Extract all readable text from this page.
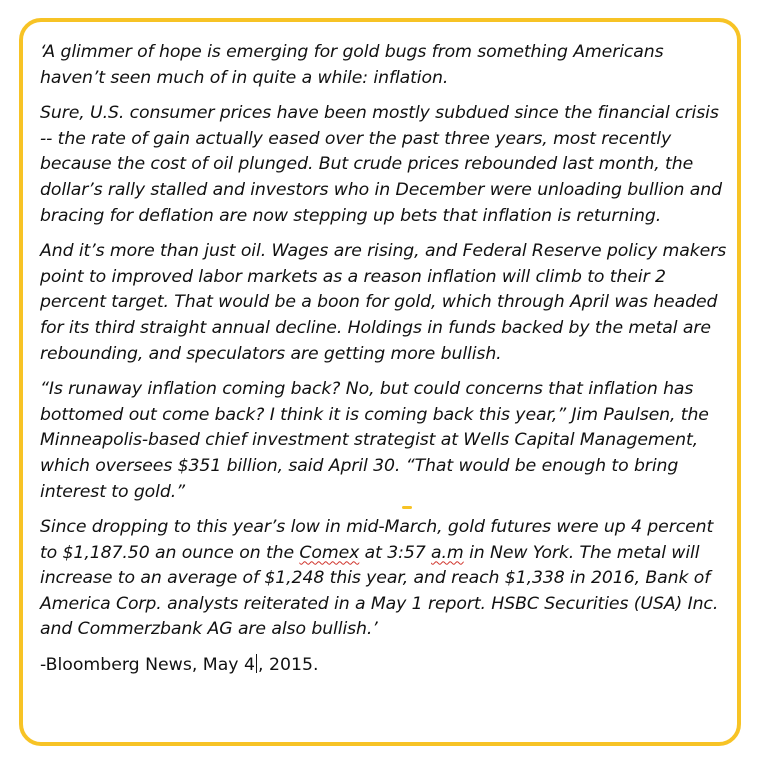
‘A glimmer of hope is emerging for gold bugs from something Americans haven’t seen much of in quite a while: inflation.

Sure, U.S. consumer prices have been mostly subdued since the financial crisis -- the rate of gain actually eased over the past three years, most recently because the cost of oil plunged. But crude prices rebounded last month, the dollar’s rally stalled and investors who in December were unloading bullion and bracing for deflation are now stepping up bets that inflation is returning.

And it’s more than just oil. Wages are rising, and Federal Reserve policy makers point to improved labor markets as a reason inflation will climb to their 2 percent target. That would be a boon for gold, which through April was headed for its third straight annual decline. Holdings in funds backed by the metal are rebounding, and speculators are getting more bullish.

“Is runaway inflation coming back? No, but could concerns that inflation has bottomed out come back? I think it is coming back this year,” Jim Paulsen, the Minneapolis-based chief investment strategist at Wells Capital Management, which oversees $351 billion, said April 30. “That would be enough to bring interest to gold.”

Since dropping to this year’s low in mid-March, gold futures were up 4 percent to $1,187.50 an ounce on the Comex at 3:57 a.m in New York. The metal will increase to an average of $1,248 this year, and reach $1,338 in 2016, Bank of America Corp. analysts reiterated in a May 1 report. HSBC Securities (USA) Inc. and Commerzbank AG are also bullish.’

-Bloomberg News, May 4 , 2015.
